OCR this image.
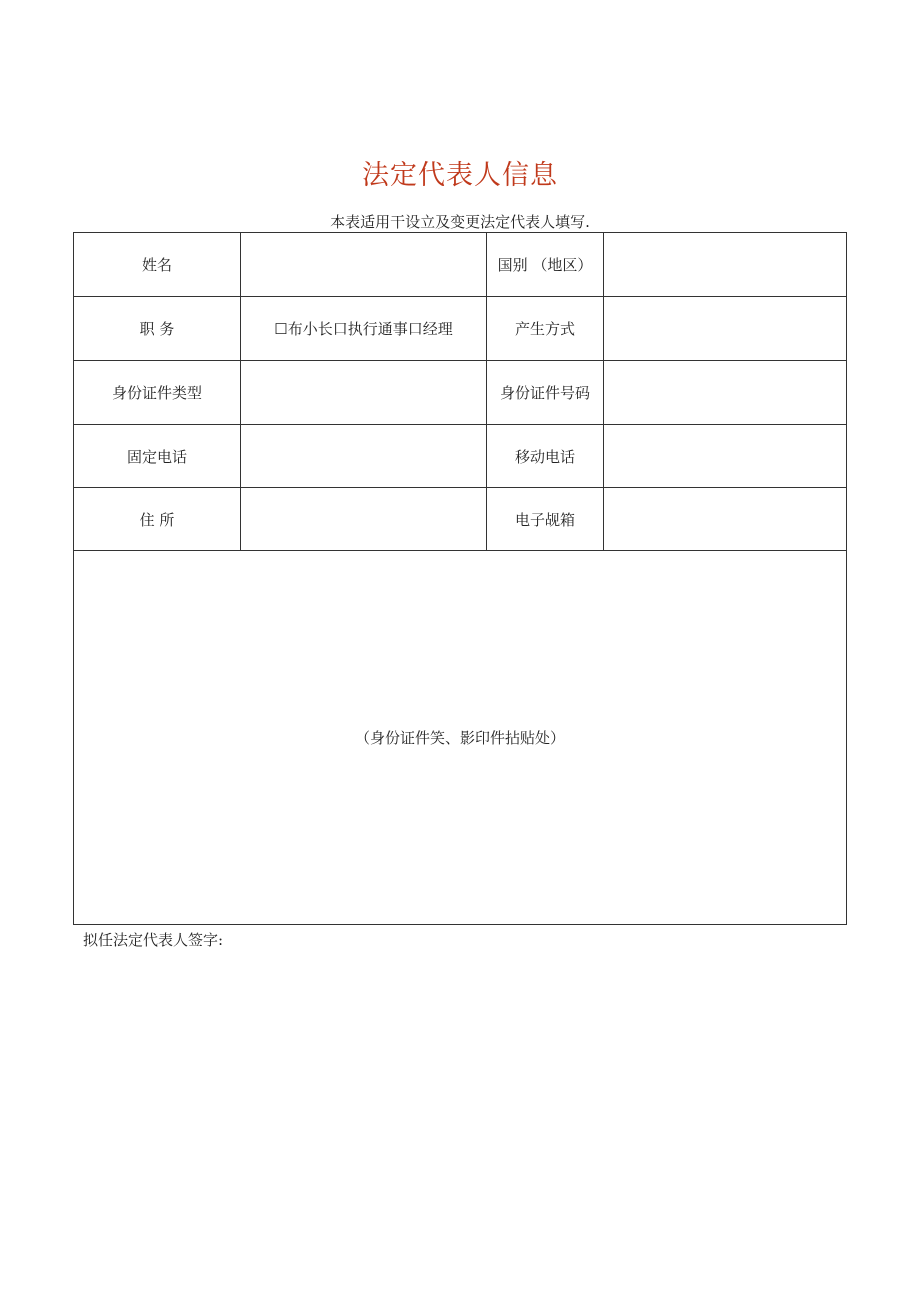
法定代表人信息
本表适用干设立及变更法定代表人填写.
姓名		国别 （地区）	
职 务	☐布小长口执行通事口经理	产生方式	
身份证件类型		身份证件号码	
固定电话		移动电话	
住 所		电子觇箱	
（身份证件笑、影印件拈贴处）			
拟任法定代表人签字:
